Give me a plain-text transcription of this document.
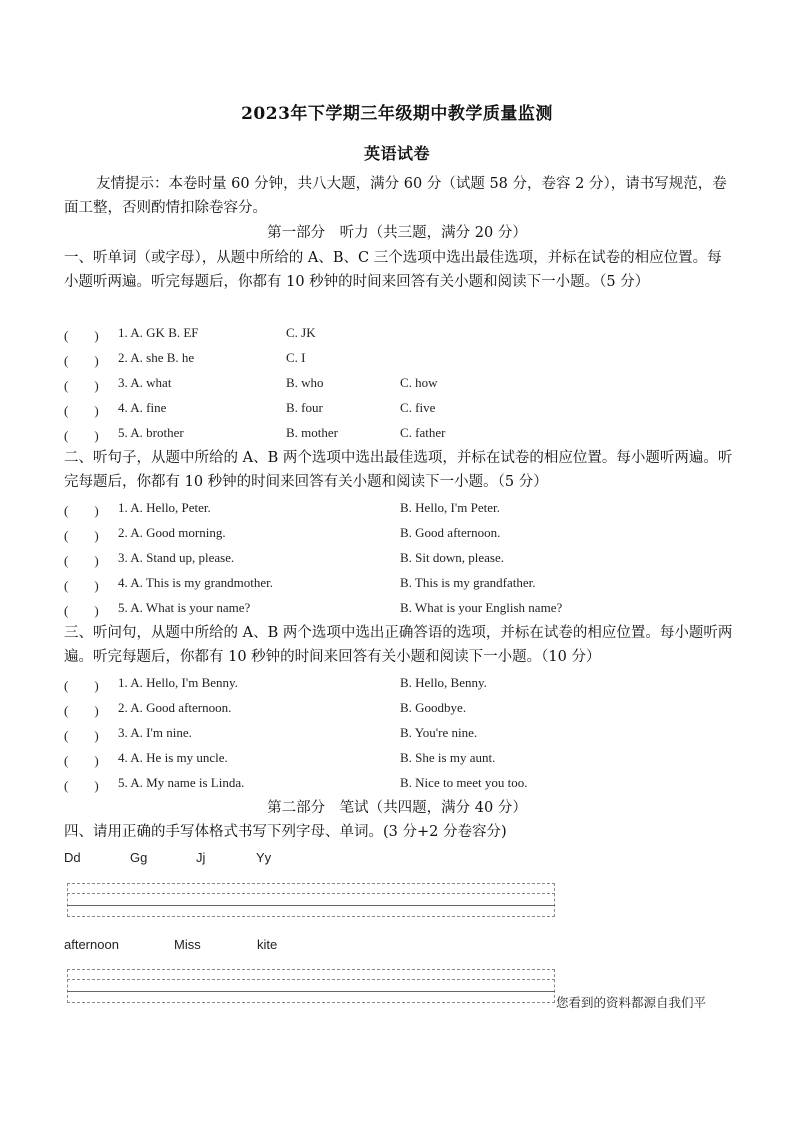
2023年下学期三年级期中教学质量监测
英语试卷
友情提示：本卷时量 60 分钟，共八大题，满分 60 分（试题 58 分，卷容 2 分），请书写规范，卷面工整，否则酌情扣除卷容分。
第一部分　听力（共三题，满分 20 分）
一、听单词（或字母），从题中所给的 A、B、C 三个选项中选出最佳选项，并标在试卷的相应位置。每小题听两遍。听完每题后，你都有 10 秒钟的时间来回答有关小题和阅读下一小题。（5 分）
(　　) 1. A. GK B. EF	C. JK
(　　) 2. A. she B. he	C. I
(　　) 3. A. what	B. who	C. how
(　　) 4. A. fine	B. four	C. five
(　　) 5. A. brother	B. mother	C. father
二、听句子，从题中所给的 A、B 两个选项中选出最佳选项，并标在试卷的相应位置。每小题听两遍。听完每题后，你都有 10 秒钟的时间来回答有关小题和阅读下一小题。（5 分）
(　　) 1. A. Hello, Peter.	B. Hello, I'm Peter.
(　　) 2. A. Good morning.	B. Good afternoon.
(　　) 3. A. Stand up, please.	B. Sit down, please.
(　　) 4. A. This is my grandmother.	B. This is my grandfather.
(　　) 5. A. What is your name?	B. What is your English name?
三、听问句，从题中所给的 A、B 两个选项中选出正确答语的选项，并标在试卷的相应位置。每小题听两遍。听完每题后，你都有 10 秒钟的时间来回答有关小题和阅读下一小题。（10 分）
(　　) 1. A. Hello, I'm Benny.	B. Hello, Benny.
(　　) 2. A. Good afternoon.	B. Goodbye.
(　　) 3. A. I'm nine.	B. You're nine.
(　　) 4. A. He is my uncle.	B. She is my aunt.
(　　) 5. A. My name is Linda.	B. Nice to meet you too.
第二部分　笔试（共四题，满分 40 分）
四、请用正确的手写体格式书写下列字母、单词。(3 分+2 分卷容分)
Dd	Gg	Jj	Yy
afternoon	Miss	kite
您看到的资料都源自我们平
